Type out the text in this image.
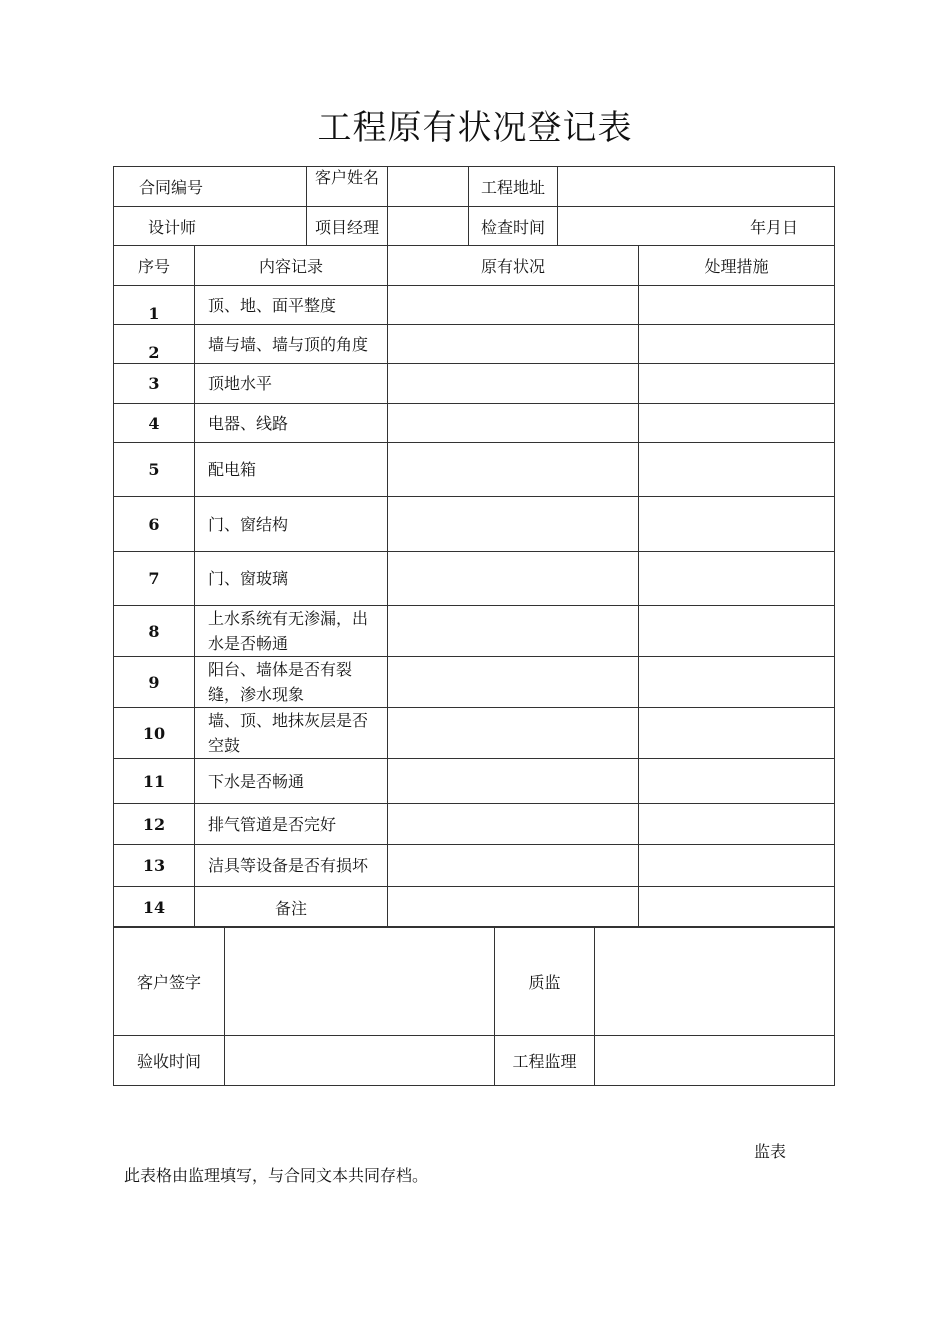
工程原有状况登记表
合同编号	客户姓名		工程地址	
设计师	项目经理		检查时间	年月日
序号	内容记录	原有状况	处理措施
1	顶、地、面平整度		
2	墙与墙、墙与顶的角度		
3	顶地水平		
4	电器、线路		
5	配电箱		
6	门、窗结构		
7	门、窗玻璃		
8	上水系统有无渗漏，出水是否畅通		
9	阳台、墙体是否有裂缝，渗水现象		
10	墙、顶、地抹灰层是否空鼓		
11	下水是否畅通		
12	排气管道是否完好		
13	洁具等设备是否有损坏		
14	备注		
客户签字		质监	
验收时间		工程监理	
监表
此表格由监理填写，与合同文本共同存档。
